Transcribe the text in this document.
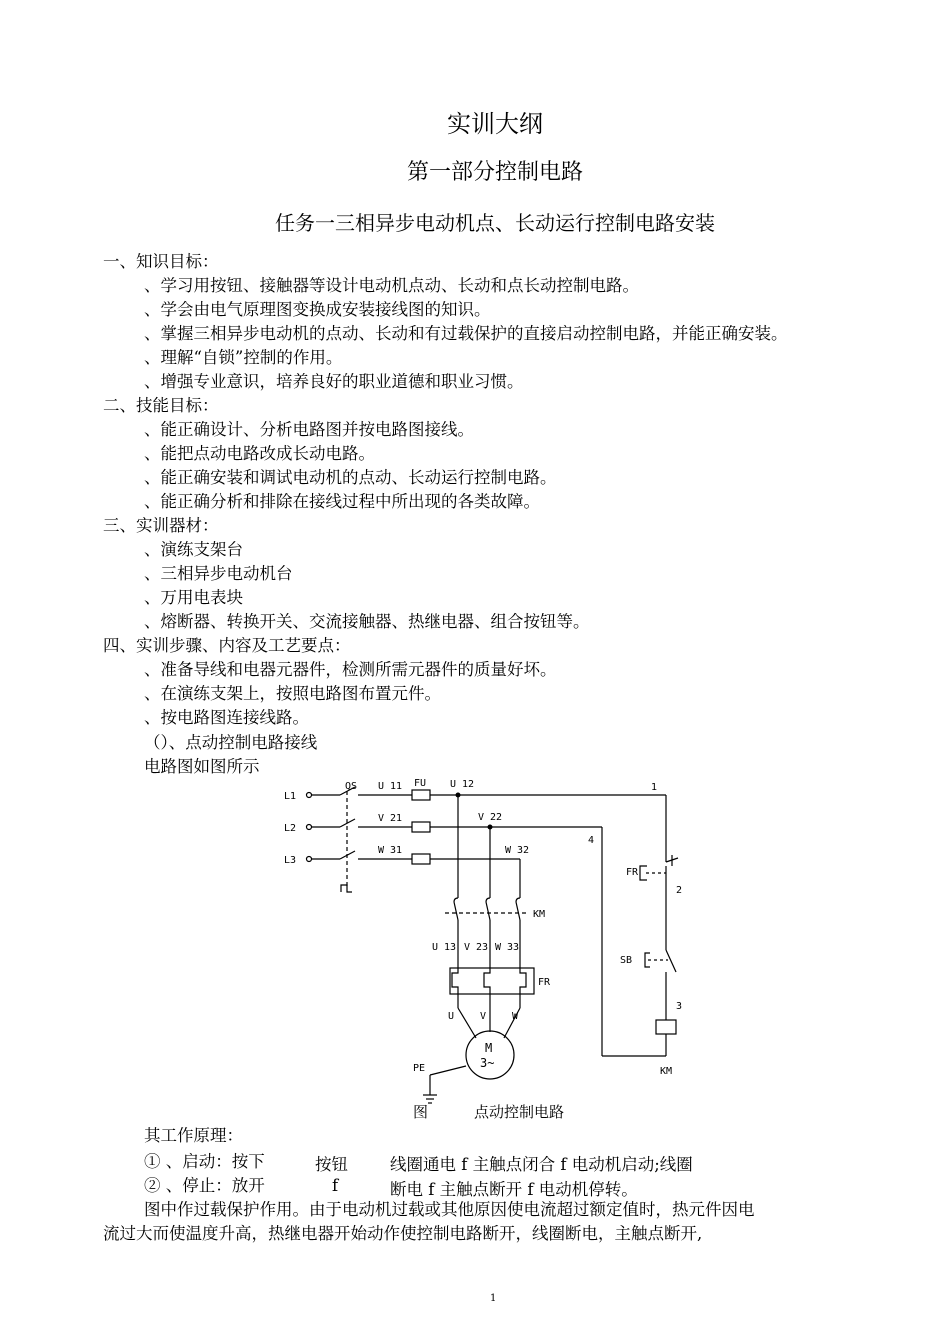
实训大纲
第一部分控制电路
任务一三相异步电动机点、长动运行控制电路安装
一、知识目标：
、学习用按钮、接触器等设计电动机点动、长动和点长动控制电路。
、学会由电气原理图变换成安装接线图的知识。
、掌握三相异步电动机的点动、长动和有过载保护的直接启动控制电路，并能正确安装。
、理解“自锁”控制的作用。
、增强专业意识，培养良好的职业道德和职业习惯。
二、技能目标：
、能正确设计、分析电路图并按电路图接线。
、能把点动电路改成长动电路。
、能正确安装和调试电动机的点动、长动运行控制电路。
、能正确分析和排除在接线过程中所出现的各类故障。
三、实训器材：
、演练支架台
、三相异步电动机台
、万用电表块
、熔断器、转换开关、交流接触器、热继电器、组合按钮等。
四、实训步骤、内容及工艺要点：
、准备导线和电器元器件，检测所需元器件的质量好坏。
、在演练支架上，按照电路图布置元件。
、按电路图连接线路。
（）、点动控制电路接线
电路图如图所示
L1
L2
L3
QS	FU
U 11
V 21
W 31
U 12
V 22
W 32
1
4
2
3
KM
U 13 V 23 W 33
FR
FR
SB
U	V	W
M
3~
PE	KM
图	点动控制电路
其工作原理：
① 、启动：按下	按钮	线圈通电 f 主触点闭合 f 电动机启动;线圈
② 、停止：放开	f	断电 f 主触点断开 f 电动机停转。
图中作过载保护作用。由于电动机过载或其他原因使电流超过额定值时，热元件因电
流过大而使温度升高，热继电器开始动作使控制电路断开，线圈断电，主触点断开,
1
